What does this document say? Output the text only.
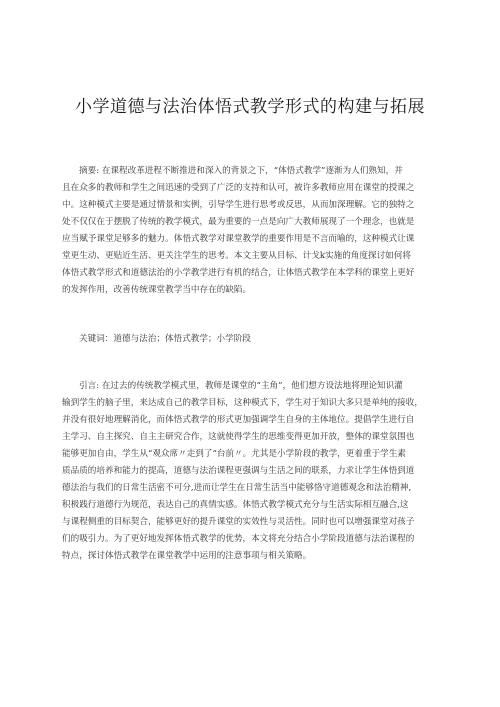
小学道德与法治体悟式教学形式的构建与拓展
摘要: 在课程改革进程不断推进和深入的背景之下，“体悟式教学”逐渐为人们熟知，并
且在众多的教师和学生之间迅速的受到了广泛的支持和认可，被许多教师应用在课堂的授课之
中。这种模式主要是通过情景和实例，引导学生进行思考或反思，从而加深理解。它的独特之
处不仅仅在于摆脱了传统的教学模式，最为重要的一点是向广大教师展现了一个理念，也就是
应当赋予课堂足够多的魅力。体悟式教学对课堂教学的重要作用是不言而喻的，这种模式让课
堂更生动、更贴近生活、更关注学生的思考。本文主要从目标、计戈k实施的角度探讨如何将
体悟式教学形式和道德法治的小学教学进行有机的结合，让体悟式教学在本学科的课堂上更好
的发挥作用，改善传统课堂教学当中存在的缺陷。
关键词：道德与法治；体悟式教学；小学阶段
引言: 在过去的传统教学模式里，教师是课堂的“主角”，他们想方设法地将理论知识灌
输到学生的脑子里，来达成自己的教学目标，这种模式下，学生对于知识大多只是单纯的接收，
并没有很好地理解消化，而体悟式教学的形式更加强调学生自身的主体地位。提倡学生进行自
主学习、自主探究、自主主研究合作，这就使得学生的思维变得更加开放，整体的课堂氛围也
能够更加自由，学生从“观众席〃走到了“台前〃。尤其是小学阶段的教学，更着重于学生素
质品质的培养和能力的提高，道德与法治课程更强调与生活之间的联系，力求让学生体悟到道
德法治与我们的日常生活密不可分,进而让学生在日常生活当中能够恪守道德观念和法治精神,
积极践行道德行为规范，表达自己的真情实感。体悟式教学模式充分与生活实际相互融合,这
与课程侧重的目标契合，能够更好的提升课堂的实效性与灵活性。同时也可以增强课堂对孩子
们的吸引力。为了更好地发挥体悟式教学的优势，本文将充分结合小学阶段道德与法治课程的
特点，探讨体悟式教学在课堂教学中运用的注意事项与相关策略。
